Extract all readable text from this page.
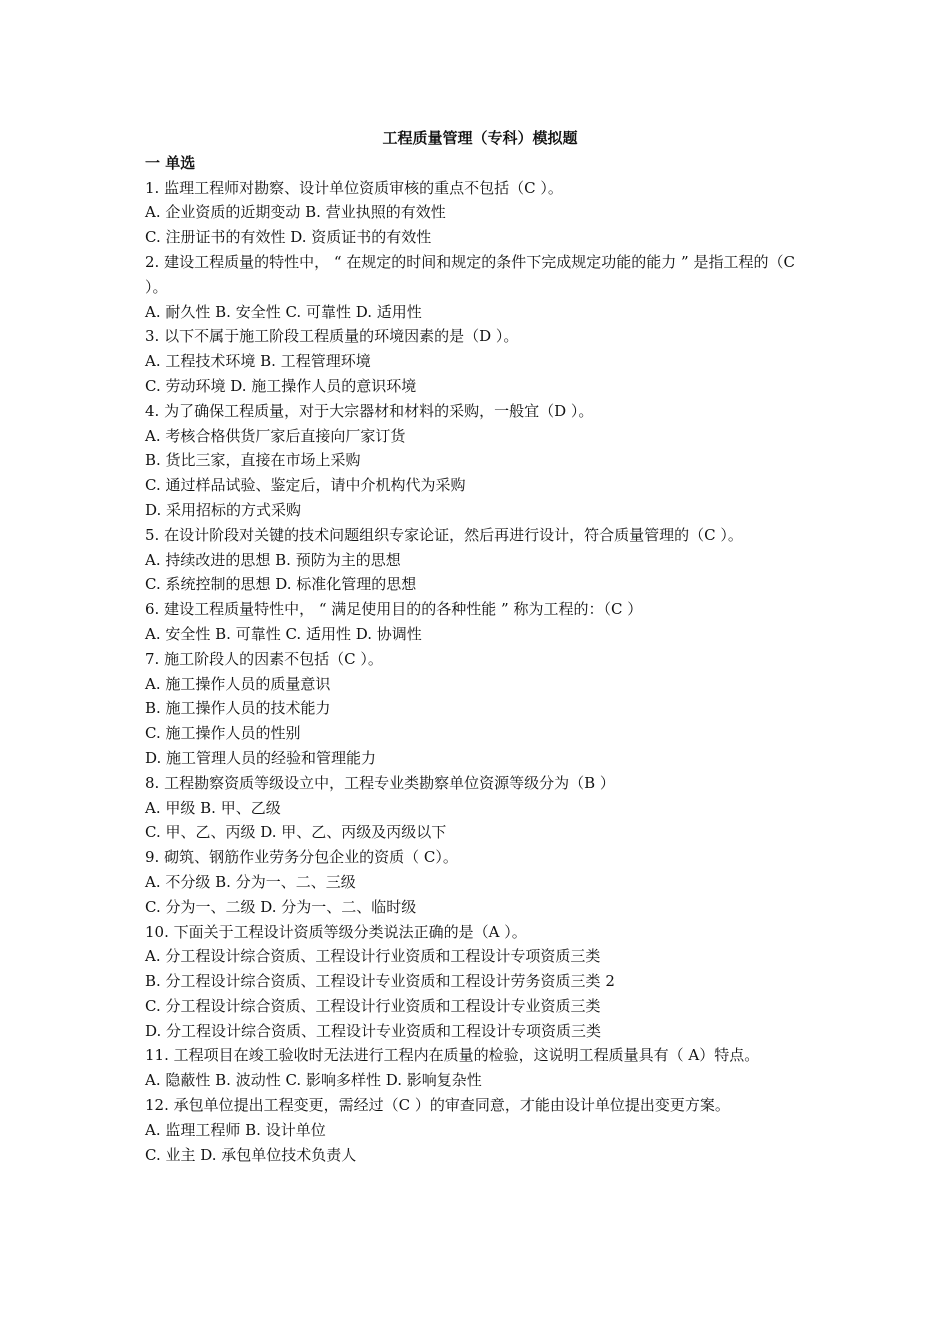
工程质量管理（专科）模拟题

一 单选

1. 监理工程师对勘察、设计单位资质审核的重点不包括（C ）。

A. 企业资质的近期变动 B. 营业执照的有效性

C. 注册证书的有效性 D. 资质证书的有效性

2. 建设工程质量的特性中， “ 在规定的时间和规定的条件下完成规定功能的能力 ” 是指工程的（C ）。

A. 耐久性 B. 安全性 C. 可靠性 D. 适用性

3. 以下不属于施工阶段工程质量的环境因素的是（D ）。

A. 工程技术环境 B. 工程管理环境

C. 劳动环境 D. 施工操作人员的意识环境

4. 为了确保工程质量，对于大宗器材和材料的采购，一般宜（D ）。

A. 考核合格供货厂家后直接向厂家订货

B. 货比三家，直接在市场上采购

C. 通过样品试验、鉴定后，请中介机构代为采购

D. 采用招标的方式采购

5. 在设计阶段对关键的技术问题组织专家论证，然后再进行设计，符合质量管理的（C ）。

A. 持续改进的思想 B. 预防为主的思想

C. 系统控制的思想 D. 标准化管理的思想

6. 建设工程质量特性中， “ 满足使用目的的各种性能 ” 称为工程的：（C ）

A. 安全性 B. 可靠性 C. 适用性 D. 协调性

7. 施工阶段人的因素不包括（C ）。

A. 施工操作人员的质量意识

B. 施工操作人员的技术能力

C. 施工操作人员的性别

D. 施工管理人员的经验和管理能力

8. 工程勘察资质等级设立中，工程专业类勘察单位资源等级分为（B ）

A. 甲级 B. 甲、乙级

C. 甲、乙、丙级 D. 甲、乙、丙级及丙级以下

9. 砌筑、钢筋作业劳务分包企业的资质（ C）。

A. 不分级 B. 分为一、二、三级

C. 分为一、二级 D. 分为一、二、临时级

10. 下面关于工程设计资质等级分类说法正确的是（A ）。

A. 分工程设计综合资质、工程设计行业资质和工程设计专项资质三类

B. 分工程设计综合资质、工程设计专业资质和工程设计劳务资质三类 2

C. 分工程设计综合资质、工程设计行业资质和工程设计专业资质三类

D. 分工程设计综合资质、工程设计专业资质和工程设计专项资质三类

11. 工程项目在竣工验收时无法进行工程内在质量的检验，这说明工程质量具有（ A）特点。

A. 隐蔽性 B. 波动性 C. 影响多样性 D. 影响复杂性

12. 承包单位提出工程变更，需经过（C ）的审查同意，才能由设计单位提出变更方案。

A. 监理工程师 B. 设计单位

C. 业主 D. 承包单位技术负责人
